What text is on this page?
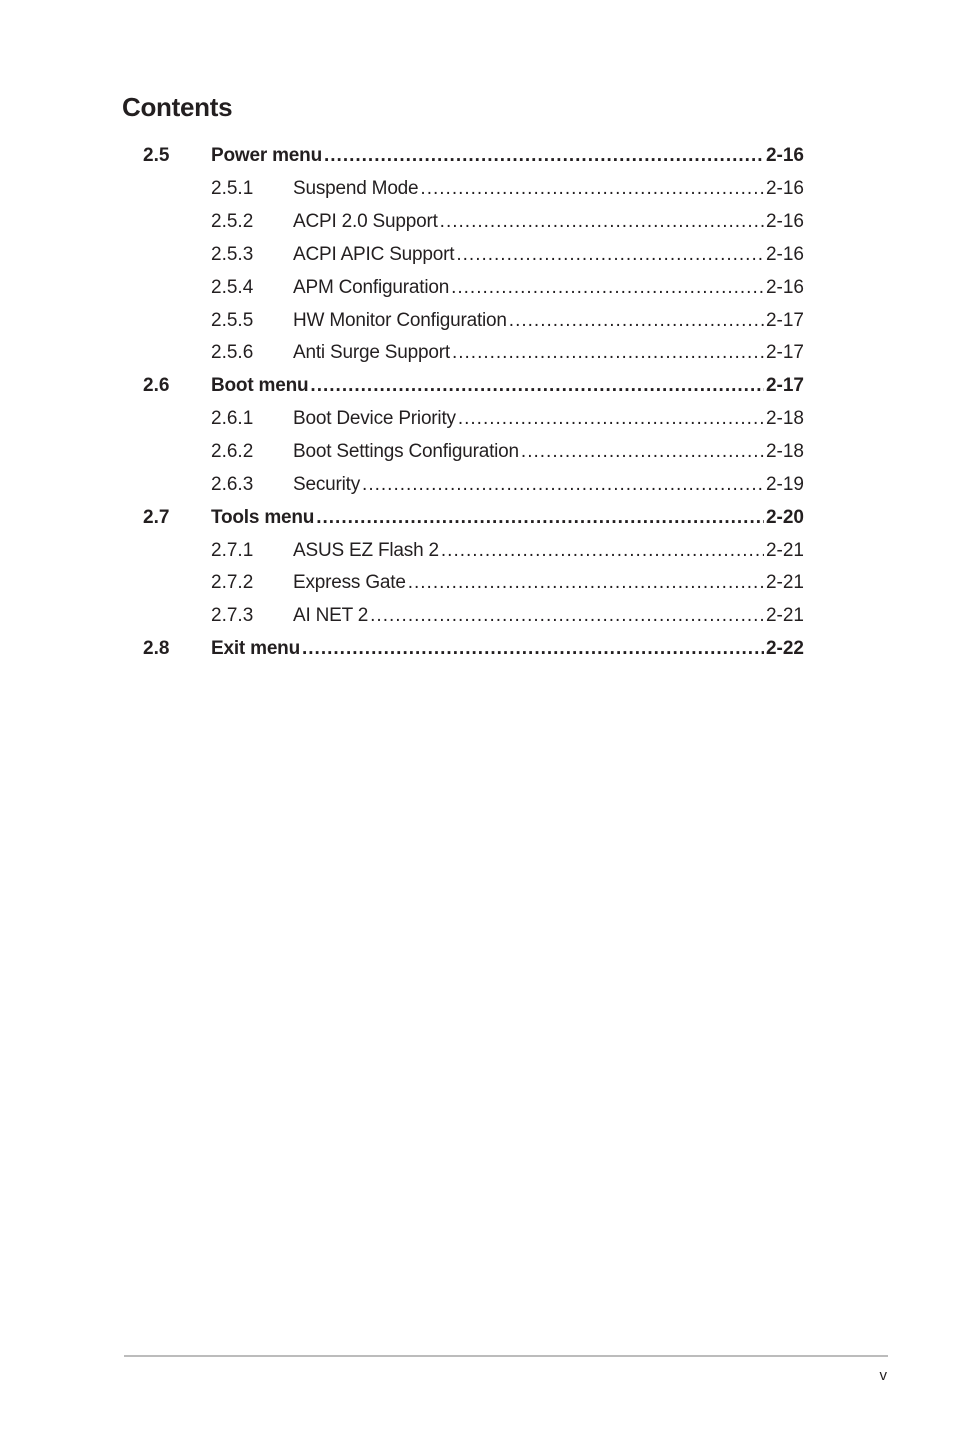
Contents
2.5 Power menu .....	2-16
2.5.1 Suspend Mode .....	2-16
2.5.2 ACPI 2.0 Support .....	2-16
2.5.3 ACPI APIC Support .....	2-16
2.5.4 APM Configuration .....	2-16
2.5.5 HW Monitor Configuration .....	2-17
2.5.6 Anti Surge Support .....	2-17
2.6 Boot menu .....	2-17
2.6.1 Boot Device Priority .....	2-18
2.6.2 Boot Settings Configuration .....	2-18
2.6.3 Security .....	2-19
2.7 Tools menu .....	2-20
2.7.1 ASUS EZ Flash 2 .....	2-21
2.7.2 Express Gate .....	2-21
2.7.3 AI NET 2 .....	2-21
2.8 Exit menu .....	2-22
v
